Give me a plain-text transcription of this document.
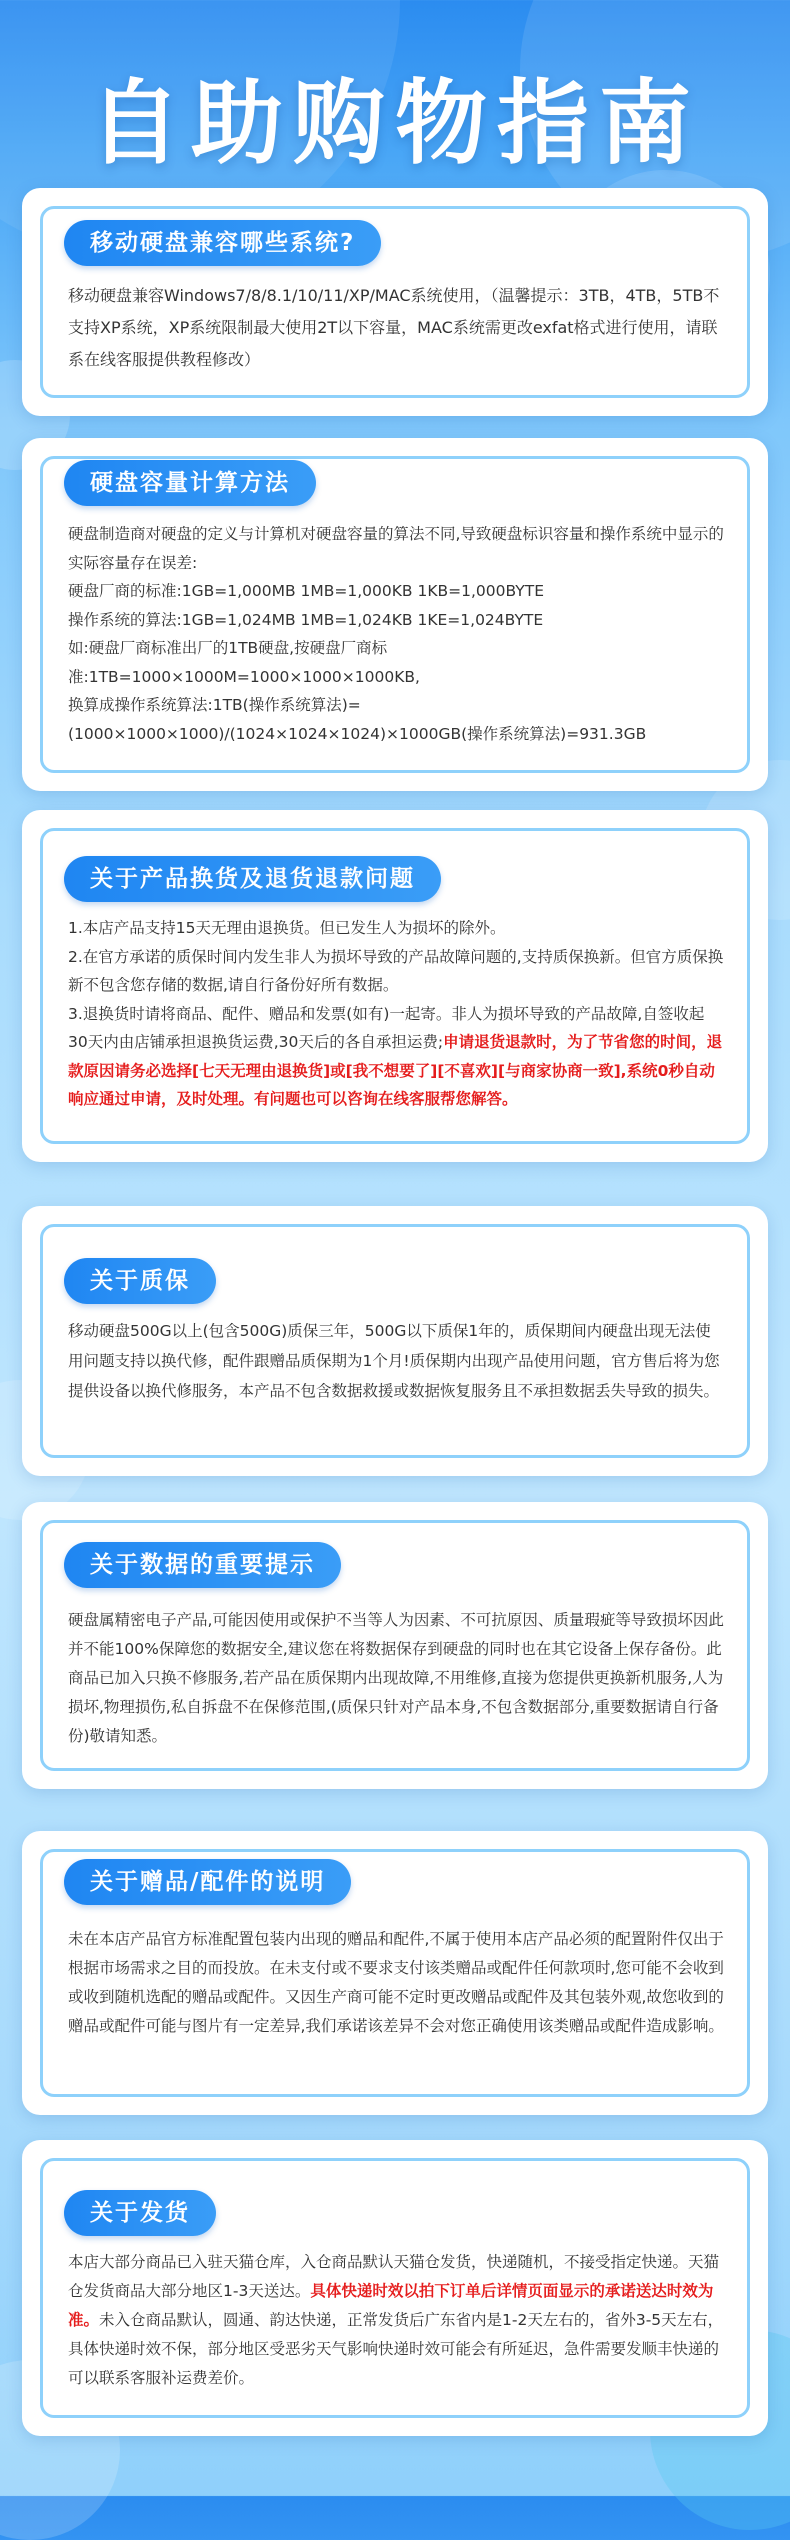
自助购物指南
移动硬盘兼容哪些系统?

移动硬盘兼容Windows7/8/8.1/10/11/XP/MAC系统使用，（温馨提示：3TB，4TB，5TB不支持XP系统，XP系统限制最大使用2T以下容量，MAC系统需更改exfat格式进行使用，请联系在线客服提供教程修改）

硬盘容量计算方法

硬盘制造商对硬盘的定义与计算机对硬盘容量的算法不同,导致硬盘标识容量和操作系统中显示的实际容量存在误差:

硬盘厂商的标准:1GB=1,000MB 1MB=1,000KB 1KB=1,000BYTE

操作系统的算法:1GB=1,024MB 1MB=1,024KB 1KE=1,024BYTE

如:硬盘厂商标准出厂的1TB硬盘,按硬盘厂商标准:1TB=1000×1000M=1000×1000×1000KB,

换算成操作系统算法:1TB(操作系统算法)=(1000×1000×1000)/(1024×1024×1024)×1000GB(操作系统算法)=931.3GB

关于产品换货及退货退款问题

1.本店产品支持15天无理由退换货。但已发生人为损坏的除外。

2.在官方承诺的质保时间内发生非人为损坏导致的产品故障问题的,支持质保换新。但官方质保换新不包含您存储的数据,请自行备份好所有数据。

3.退换货时请将商品、配件、赠品和发票(如有)一起寄。非人为损坏导致的产品故障,自签收起30天内由店铺承担退换货运费,30天后的各自承担运费;申请退货退款时，为了节省您的时间，退款原因请务必选择[七天无理由退换货]或[我不想要了][不喜欢][与商家协商一致],系统0秒自动响应通过申请，及时处理。有问题也可以咨询在线客服帮您解答。

关于质保

移动硬盘500G以上(包含500G)质保三年，500G以下质保1年的，质保期间内硬盘出现无法使用问题支持以换代修，配件跟赠品质保期为1个月!质保期内出现产品使用问题，官方售后将为您提供设备以换代修服务，本产品不包含数据救援或数据恢复服务且不承担数据丢失导致的损失。

关于数据的重要提示

硬盘属精密电子产品,可能因使用或保护不当等人为因素、不可抗原因、质量瑕疵等导致损坏因此并不能100%保障您的数据安全,建议您在将数据保存到硬盘的同时也在其它设备上保存备份。此商品已加入只换不修服务,若产品在质保期内出现故障,不用维修,直接为您提供更换新机服务,人为损坏,物理损伤,私自拆盘不在保修范围,(质保只针对产品本身,不包含数据部分,重要数据请自行备份)敬请知悉。

关于赠品/配件的说明

未在本店产品官方标准配置包装内出现的赠品和配件,不属于使用本店产品必须的配置附件仅出于根据市场需求之目的而投放。在未支付或不要求支付该类赠品或配件任何款项时,您可能不会收到或收到随机选配的赠品或配件。又因生产商可能不定时更改赠品或配件及其包装外观,故您收到的赠品或配件可能与图片有一定差异,我们承诺该差异不会对您正确使用该类赠品或配件造成影响。

关于发货

本店大部分商品已入驻天猫仓库，入仓商品默认天猫仓发货，快递随机，不接受指定快递。天猫仓发货商品大部分地区1-3天送达。具体快递时效以拍下订单后详情页面显示的承诺送达时效为准。未入仓商品默认，圆通、韵达快递，正常发货后广东省内是1-2天左右的，省外3-5天左右，具体快递时效不保，部分地区受恶劣天气影响快递时效可能会有所延迟，急件需要发顺丰快递的可以联系客服补运费差价。
